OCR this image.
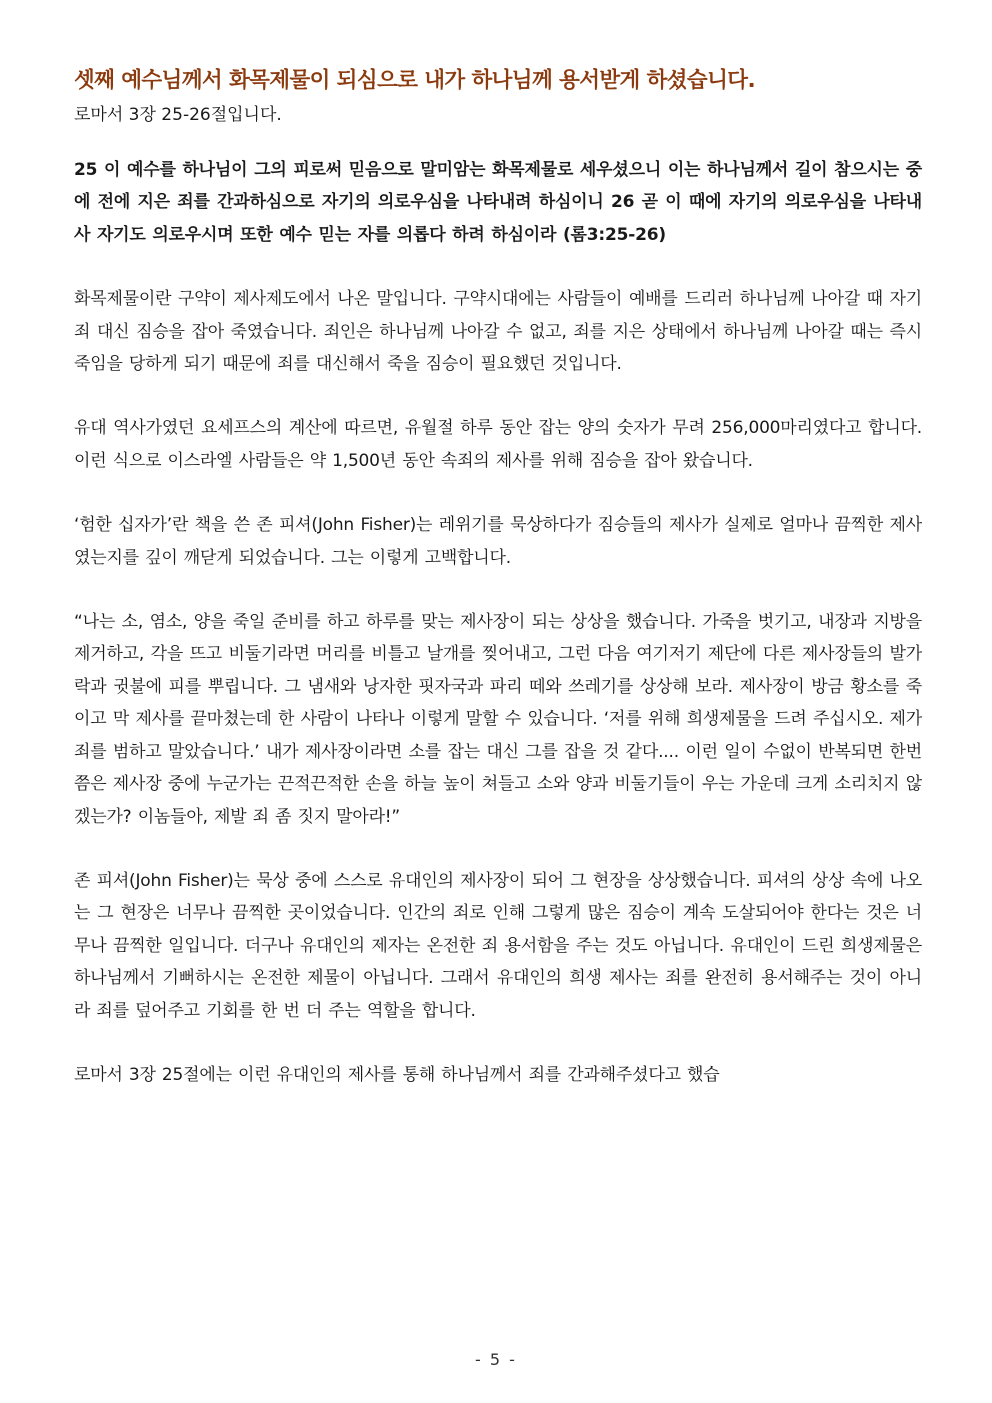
셋째 예수님께서 화목제물이 되심으로 내가 하나님께 용서받게 하셨습니다.

로마서 3장 25-26절입니다.

25 이 예수를 하나님이 그의 피로써 믿음으로 말미암는 화목제물로 세우셨으니 이는 하나님께서 길이 참으시는 중에 전에 지은 죄를 간과하심으로 자기의 의로우심을 나타내려 하심이니 26 곧 이 때에 자기의 의로우심을 나타내사 자기도 의로우시며 또한 예수 믿는 자를 의롭다 하려 하심이라 (롬3:25-26)

화목제물이란 구약이 제사제도에서 나온 말입니다. 구약시대에는 사람들이 예배를 드리러 하나님께 나아갈 때 자기 죄 대신 짐승을 잡아 죽였습니다. 죄인은 하나님께 나아갈 수 없고, 죄를 지은 상태에서 하나님께 나아갈 때는 즉시 죽임을 당하게 되기 때문에 죄를 대신해서 죽을 짐승이 필요했던 것입니다.

유대 역사가였던 요세프스의 계산에 따르면, 유월절 하루 동안 잡는 양의 숫자가 무려 256,000마리였다고 합니다. 이런 식으로 이스라엘 사람들은 약 1,500년 동안 속죄의 제사를 위해 짐승을 잡아 왔습니다.

‘험한 십자가’란 책을 쓴 존 피셔(John Fisher)는 레위기를 묵상하다가 짐승들의 제사가 실제로 얼마나 끔찍한 제사였는지를 깊이 깨닫게 되었습니다. 그는 이렇게 고백합니다.

“나는 소, 염소, 양을 죽일 준비를 하고 하루를 맞는 제사장이 되는 상상을 했습니다. 가죽을 벗기고, 내장과 지방을 제거하고, 각을 뜨고 비둘기라면 머리를 비틀고 날개를 찢어내고, 그런 다음 여기저기 제단에 다른 제사장들의 발가락과 귓불에 피를 뿌립니다. 그 냄새와 낭자한 핏자국과 파리 떼와 쓰레기를 상상해 보라. 제사장이 방금 황소를 죽이고 막 제사를 끝마쳤는데 한 사람이 나타나 이렇게 말할 수 있습니다. ‘저를 위해 희생제물을 드려 주십시오. 제가 죄를 범하고 말았습니다.’ 내가 제사장이라면 소를 잡는 대신 그를 잡을 것 같다.... 이런 일이 수없이 반복되면 한번쯤은 제사장 중에 누군가는 끈적끈적한 손을 하늘 높이 쳐들고 소와 양과 비둘기들이 우는 가운데 크게 소리치지 않겠는가? 이놈들아, 제발 죄 좀 짓지 말아라!”

존 피셔(John Fisher)는 묵상 중에 스스로 유대인의 제사장이 되어 그 현장을 상상했습니다. 피셔의 상상 속에 나오는 그 현장은 너무나 끔찍한 곳이었습니다. 인간의 죄로 인해 그렇게 많은 짐승이 계속 도살되어야 한다는 것은 너무나 끔찍한 일입니다. 더구나 유대인의 제자는 온전한 죄 용서함을 주는 것도 아닙니다. 유대인이 드린 희생제물은 하나님께서 기뻐하시는 온전한 제물이 아닙니다. 그래서 유대인의 희생 제사는 죄를 완전히 용서해주는 것이 아니라 죄를 덮어주고 기회를 한 번 더 주는 역할을 합니다.

로마서 3장 25절에는 이런 유대인의 제사를 통해 하나님께서 죄를 간과해주셨다고 했습

- 5 -
